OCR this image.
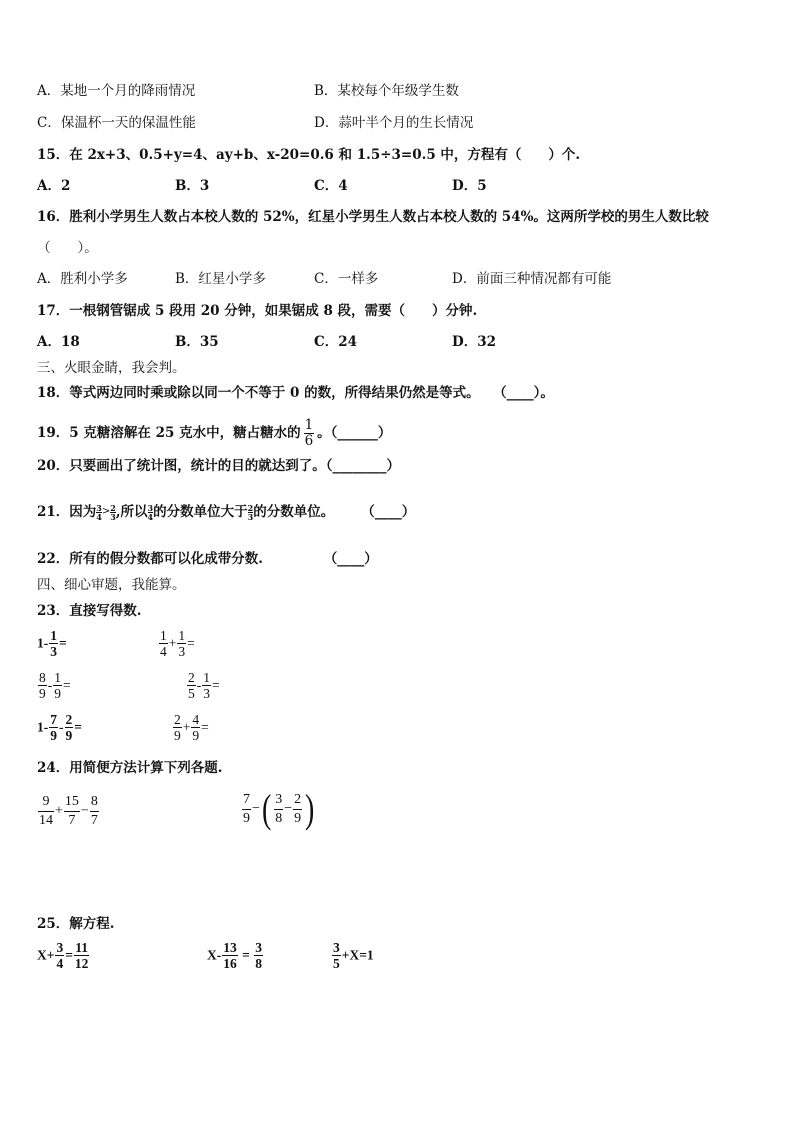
A．某地一个月的降雨情况	B．某校每个年级学生数
C．保温杯一天的保温性能	D．蒜叶半个月的生长情况
15．在 2x+3、0.5+y=4、ay+b、x-20=0.6 和 1.5÷3=0.5 中，方程有（　　）个.
A．2	B．3	C．4	D．5
16．胜利小学男生人数占本校人数的 52%，红星小学男生人数占本校人数的 54%。这两所学校的男生人数比较
（　　）。
A．胜利小学多	B．红星小学多	C．一样多	D．前面三种情况都有可能
17．一根钢管锯成 5 段用 20 分钟，如果锯成 8 段，需要（　　）分钟.
A．18	B．35	C．24	D．32
三、火眼金睛，我会判。
18．等式两边同时乘或除以同一个不等于 0 的数，所得结果仍然是等式。　　（____）。
19．5 克糖溶解在 25 克水中，糖占糖水的
1
6 。（______）
20．只要画出了统计图，统计的目的就达到了。（________）
21．因为 3
4 > 2
3 ,所以 3
4 的分数单位大于 2
3 的分数单位。　　　（____）
22．所有的假分数都可以化成带分数.　　　　　（____）
四、细心审题，我能算。
23．直接写得数.
$1- \frac{1}{3}$ =	$\frac{1}{4} + \frac{1}{3}$ =
$\frac{8}{9} - \frac{1}{9}$ =	$\frac{2}{5} - \frac{1}{3}$ =
$1- \frac{7}{9} - \frac{2}{9}$ =	$\frac{2}{9} + \frac{4}{9}$ =
24．用简便方法计算下列各题.
$\frac{9}{14} + \frac{15}{7} - \frac{8}{7}$	7
9
− ( 3
8
−
2
9 )
25．解方程.
$X+ \frac{3}{4} = \frac{11}{12}$	$X- \frac{13}{16} = \frac{3}{8}$	$\frac{3}{5} +X=1$
